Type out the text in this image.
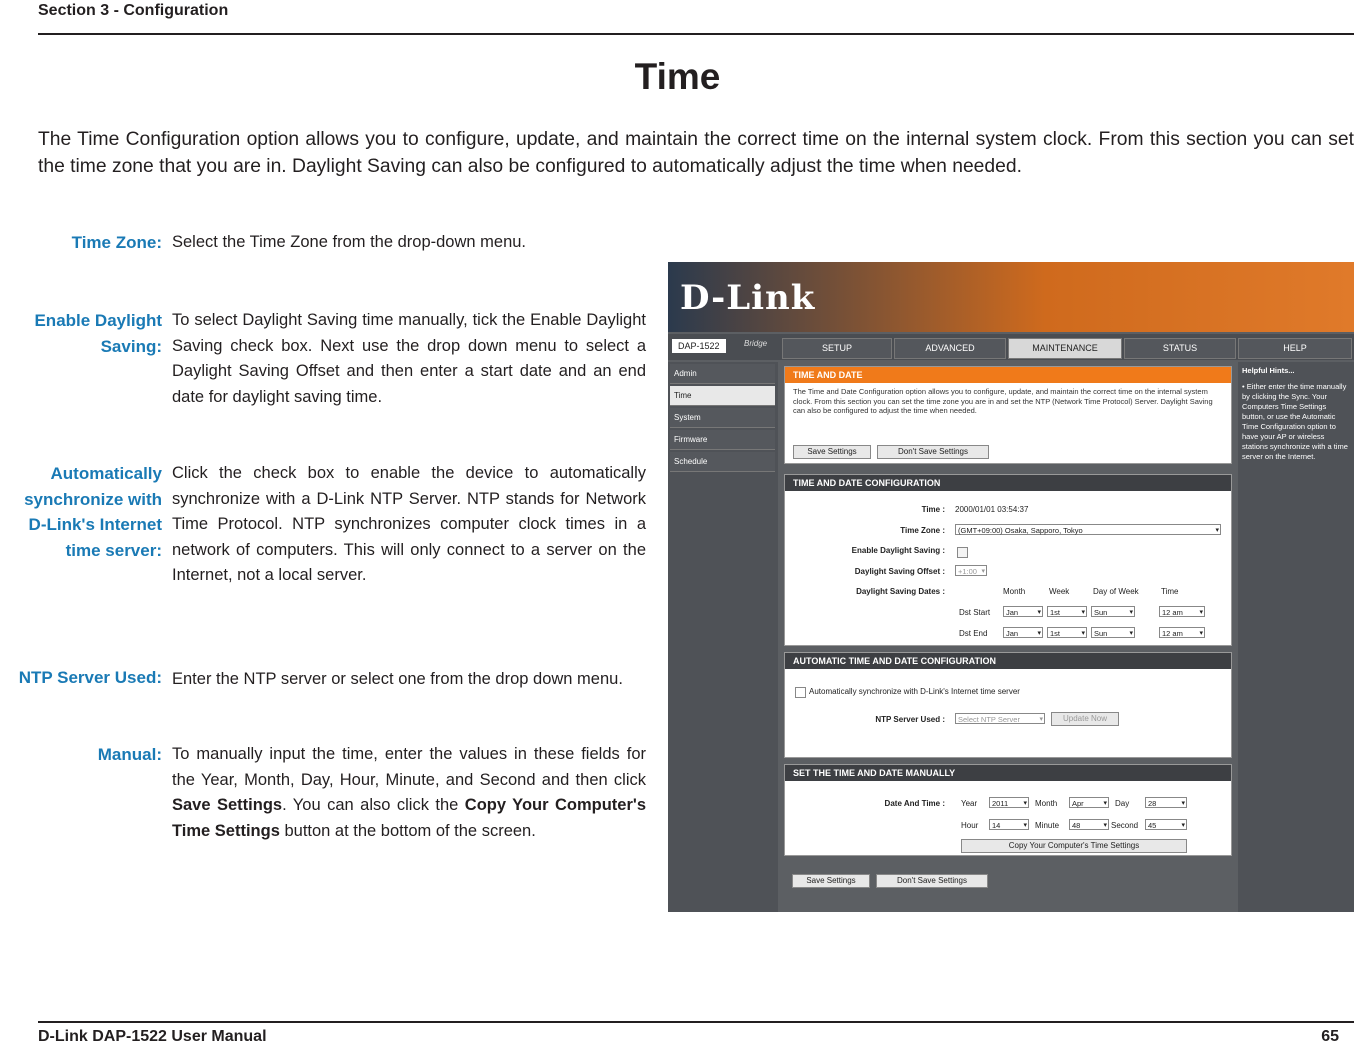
Section 3 - Configuration
Time
The Time Configuration option allows you to configure, update, and maintain the correct time on the internal system clock. From this section you can set the time zone that you are in. Daylight Saving can also be configured to automatically adjust the time when needed.
Time Zone: Select the Time Zone from the drop-down menu.
Enable Daylight Saving:
To select Daylight Saving time manually, tick the Enable Daylight Saving check box. Next use the drop down menu to select a Daylight Saving Offset and then enter a start date and an end date for daylight saving time.
Automatically synchronize with D-Link's Internet time server:
Click the check box to enable the device to automatically synchronize with a D-Link NTP Server. NTP stands for Network Time Protocol. NTP synchronizes computer clock times in a network of computers. This will only connect to a server on the Internet, not a local server.
NTP Server Used: Enter the NTP server or select one from the drop down menu.
Manual: To manually input the time, enter the values in these fields for the Year, Month, Day, Hour, Minute, and Second and then click Save Settings. You can also click the Copy Your Computer's Time Settings button at the bottom of the screen.
D-Link
DAP-1522	Bridge	SETUP	ADVANCED	MAINTENANCE	STATUS	HELP
Admin
Time
System
Firmware
Schedule
TIME AND DATE
The Time and Date Configuration option allows you to configure, update, and maintain the correct time on the internal system clock. From this section you can set the time zone you are in and set the NTP (Network Time Protocol) Server. Daylight Saving can also be configured to adjust the time when needed.
Save Settings	Don't Save Settings
TIME AND DATE CONFIGURATION
Time : 2000/01/01 03:54:37
Time Zone :	(GMT+09:00) Osaka, Sapporo, Tokyo ▾
Enable Daylight Saving :
Daylight Saving Offset :	+1:00 ▾
Daylight Saving Dates :	Month	Week	Day of Week	Time
Dst Start	Jan ▾	1st ▾	Sun ▾	12 am ▾
Dst End	Jan ▾	1st ▾	Sun ▾	12 am ▾
AUTOMATIC TIME AND DATE CONFIGURATION
Automatically synchronize with D-Link's Internet time server
NTP Server Used :	Select NTP Server ▾	Update Now
SET THE TIME AND DATE MANUALLY
Date And Time : Year	2011 ▾	Month	Apr ▾	Day	28 ▾
Hour	14 ▾	Minute	48 ▾	Second	45 ▾
Copy Your Computer's Time Settings
Save Settings	Don't Save Settings
Helpful Hints...
• Either enter the time manually by clicking the Sync. Your Computers Time Settings button, or use the Automatic Time Configuration option to have your AP or wireless stations synchronize with a time server on the Internet.
D-Link DAP-1522 User Manual	65
